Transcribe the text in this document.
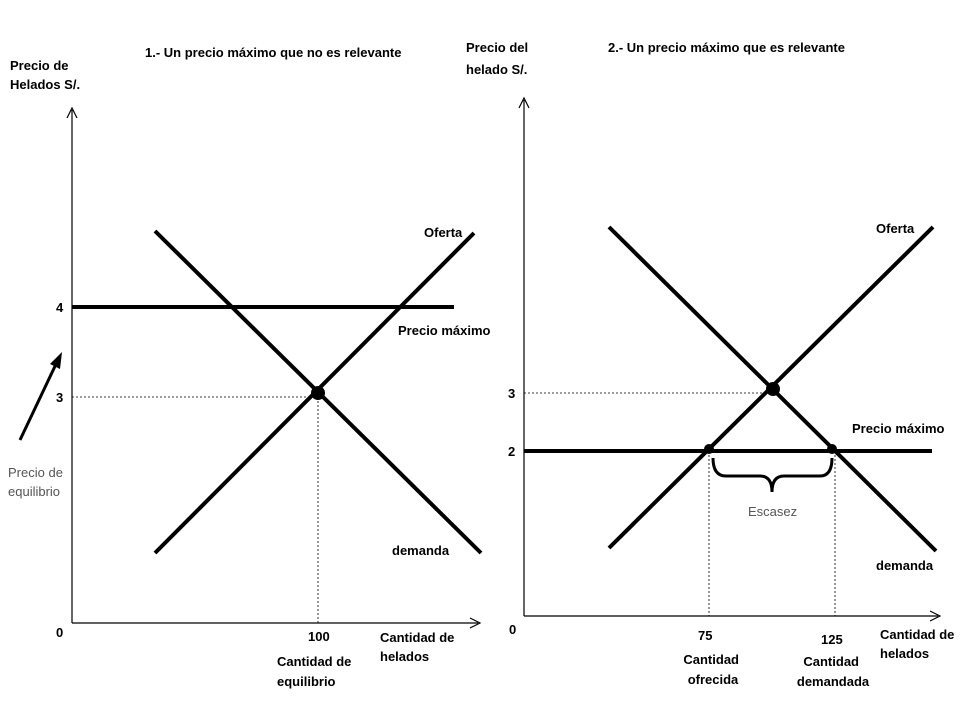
1.- Un precio máximo que no es relevante
Precio de Helados S/.
0
4
3
100
Oferta
Precio máximo
demanda
Cantidad de helados
Cantidad de equilibrio
Precio de equilibrio
2.- Un precio máximo que es relevante
Precio del helado S/.
Escasez
0
3
2
75	125
Oferta
Precio máximo
demanda
Cantidad de helados
Cantidad ofrecida
Cantidad demandada
